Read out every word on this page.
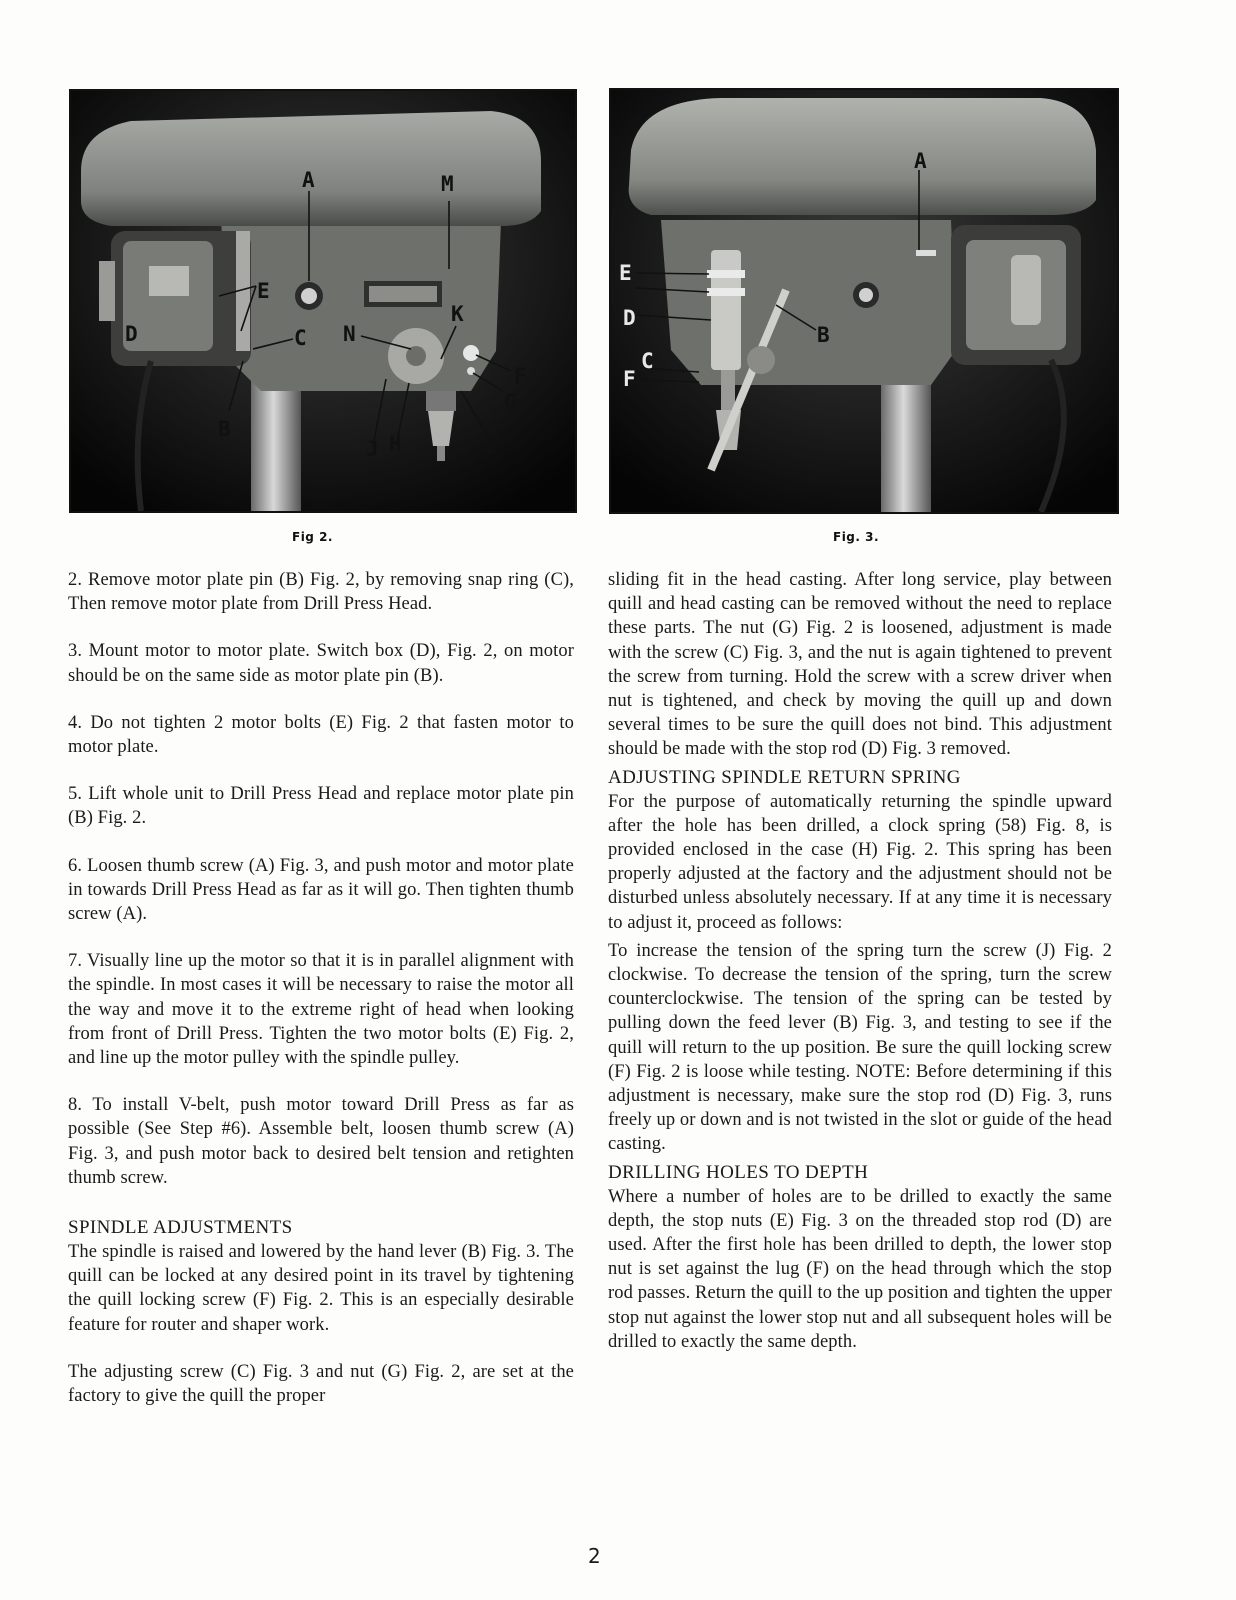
A	M
E
K
D	C N
F
G
B
J H	L
Fig 2.
A
E
D
B
C
F
Fig. 3.

2. Remove motor plate pin (B) Fig. 2, by removing snap ring (C), Then remove motor plate from Drill Press Head.

3. Mount motor to motor plate. Switch box (D), Fig. 2, on motor should be on the same side as motor plate pin (B).

4. Do not tighten 2 motor bolts (E) Fig. 2 that fasten motor to motor plate.

5. Lift whole unit to Drill Press Head and replace motor plate pin (B) Fig. 2.

6. Loosen thumb screw (A) Fig. 3, and push motor and motor plate in towards Drill Press Head as far as it will go. Then tighten thumb screw (A).

7. Visually line up the motor so that it is in parallel alignment with the spindle. In most cases it will be necessary to raise the motor all the way and move it to the extreme right of head when looking from front of Drill Press. Tighten the two motor bolts (E) Fig. 2, and line up the motor pulley with the spindle pulley.

8. To install V-belt, push motor toward Drill Press as far as possible (See Step #6). Assemble belt, loosen thumb screw (A) Fig. 3, and push motor back to desired belt tension and retighten thumb screw.

SPINDLE ADJUSTMENTS

The spindle is raised and lowered by the hand lever (B) Fig. 3. The quill can be locked at any desired point in its travel by tightening the quill locking screw (F) Fig. 2. This is an especially desirable feature for router and shaper work.

The adjusting screw (C) Fig. 3 and nut (G) Fig. 2, are set at the factory to give the quill the proper

sliding fit in the head casting. After long service, play between quill and head casting can be removed without the need to replace these parts. The nut (G) Fig. 2 is loosened, adjustment is made with the screw (C) Fig. 3, and the nut is again tightened to prevent the screw from turning. Hold the screw with a screw driver when nut is tightened, and check by moving the quill up and down several times to be sure the quill does not bind. This adjustment should be made with the stop rod (D) Fig. 3 removed.

ADJUSTING SPINDLE RETURN SPRING

For the purpose of automatically returning the spindle upward after the hole has been drilled, a clock spring (58) Fig. 8, is provided enclosed in the case (H) Fig. 2. This spring has been properly adjusted at the factory and the adjustment should not be disturbed unless absolutely necessary. If at any time it is necessary to adjust it, proceed as follows:

To increase the tension of the spring turn the screw (J) Fig. 2 clockwise. To decrease the tension of the spring, turn the screw counterclockwise. The tension of the spring can be tested by pulling down the feed lever (B) Fig. 3, and testing to see if the quill will return to the up position. Be sure the quill locking screw (F) Fig. 2 is loose while testing. NOTE: Before determining if this adjustment is necessary, make sure the stop rod (D) Fig. 3, runs freely up or down and is not twisted in the slot or guide of the head casting.

DRILLING HOLES TO DEPTH

Where a number of holes are to be drilled to exactly the same depth, the stop nuts (E) Fig. 3 on the threaded stop rod (D) are used. After the first hole has been drilled to depth, the lower stop nut is set against the lug (F) on the head through which the stop rod passes. Return the quill to the up position and tighten the upper stop nut against the lower stop nut and all subsequent holes will be drilled to exactly the same depth.

2
